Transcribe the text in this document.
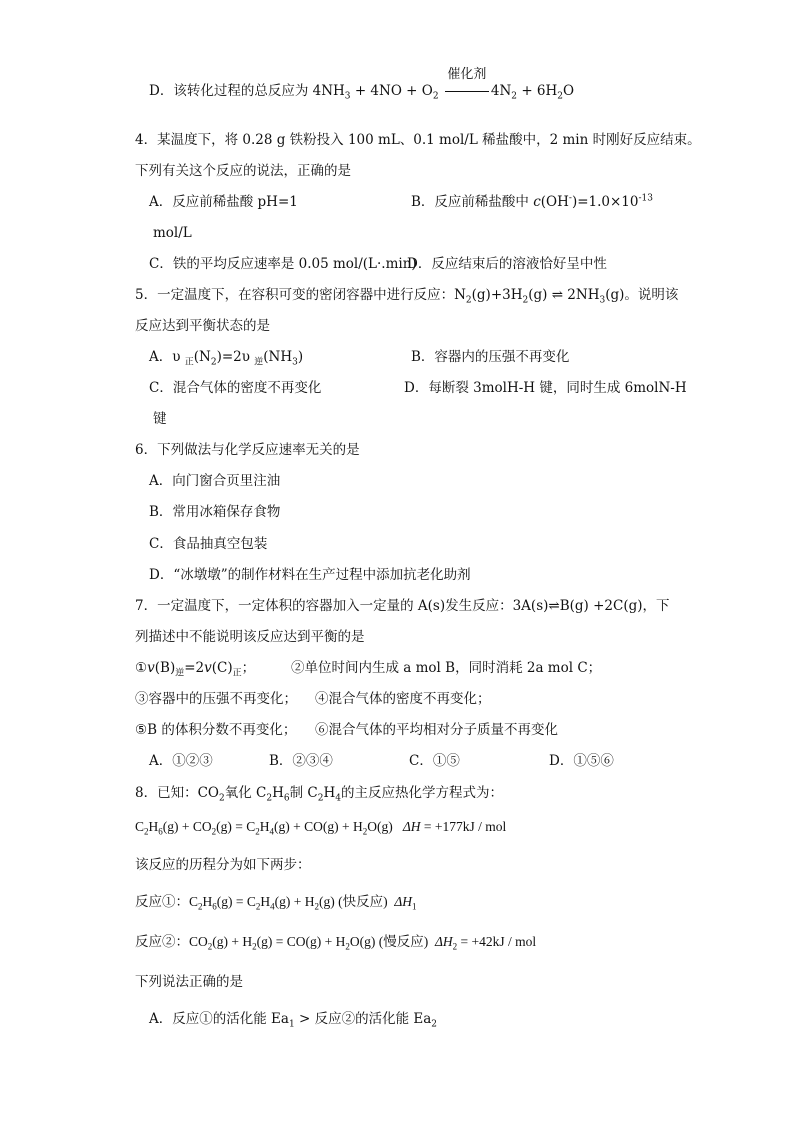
D．该转化过程的总反应为 $4NH_3 + 4NO + O_2$
催化剂
$4N_2 + 6H_2O$
4．某温度下，将 0.28 g 铁粉投入 100 mL、0.1 mol/L 稀盐酸中，2 min 时刚好反应结束。
下列有关这个反应的说法，正确的是
A．反应前稀盐酸 pH=1	B．反应前稀盐酸中 $c(OH^-)=1.0\times 10^{-13}$
mol/L
C．铁的平均反应速率是 0.05 mol/(L·.min)
D．反应结束后的溶液恰好呈中性
5．一定温度下，在容积可变的密闭容器中进行反应：$N_2(g)+3H_2(g)$ ⇌ $2NH_3(g)$。说明该
反应达到平衡状态的是
A．υ $_正(N_2)=2\upsilon$ $_逆(NH_3)$	B．容器内的压强不再变化
C．混合气体的密度不再变化	D．每断裂 3molH-H 键，同时生成 6molN-H
键
6．下列做法与化学反应速率无关的是
A．向门窗合页里注油
B．常用冰箱保存食物
C．食品抽真空包装
D．“冰墩墩”的制作材料在生产过程中添加抗老化助剂
7．一定温度下，一定体积的容器加入一定量的 A(s)发生反应：3A(s)⇌B(g) +2C(g)，下
列描述中不能说明该反应达到平衡的是
$①v(B)_逆=2v(C)_正$；	②单位时间内生成 a mol B，同时消耗 2a mol C；
③容器中的压强不再变化； ④混合气体的密度不再变化；
⑤B 的体积分数不再变化； ⑥混合气体的平均相对分子质量不再变化
A．①②③	B．②③④	C．①⑤	D．①⑤⑥
8．已知：$CO_2$氧化 $C_2H_6$制 $C_2H_4$的主反应热化学方程式为：
$C_2H_6(g) + CO_2(g) = C_2H_4(g) + CO(g) + H_2O(g) \Delta H = +177kJ$ / mol
该反应的历程分为如下两步：
反应①：$C_2H_6(g) = C_2H_4(g) + H_2(g)$ (快反应) $\Delta H_1$
反应②：$CO_2(g) + H_2(g) = CO(g) + H_2O(g)$ (慢反应) $\Delta H_2 = +42kJ$ / mol
下列说法正确的是
A．反应①的活化能 $Ea_1$ > 反应②的活化能 $Ea_2$
